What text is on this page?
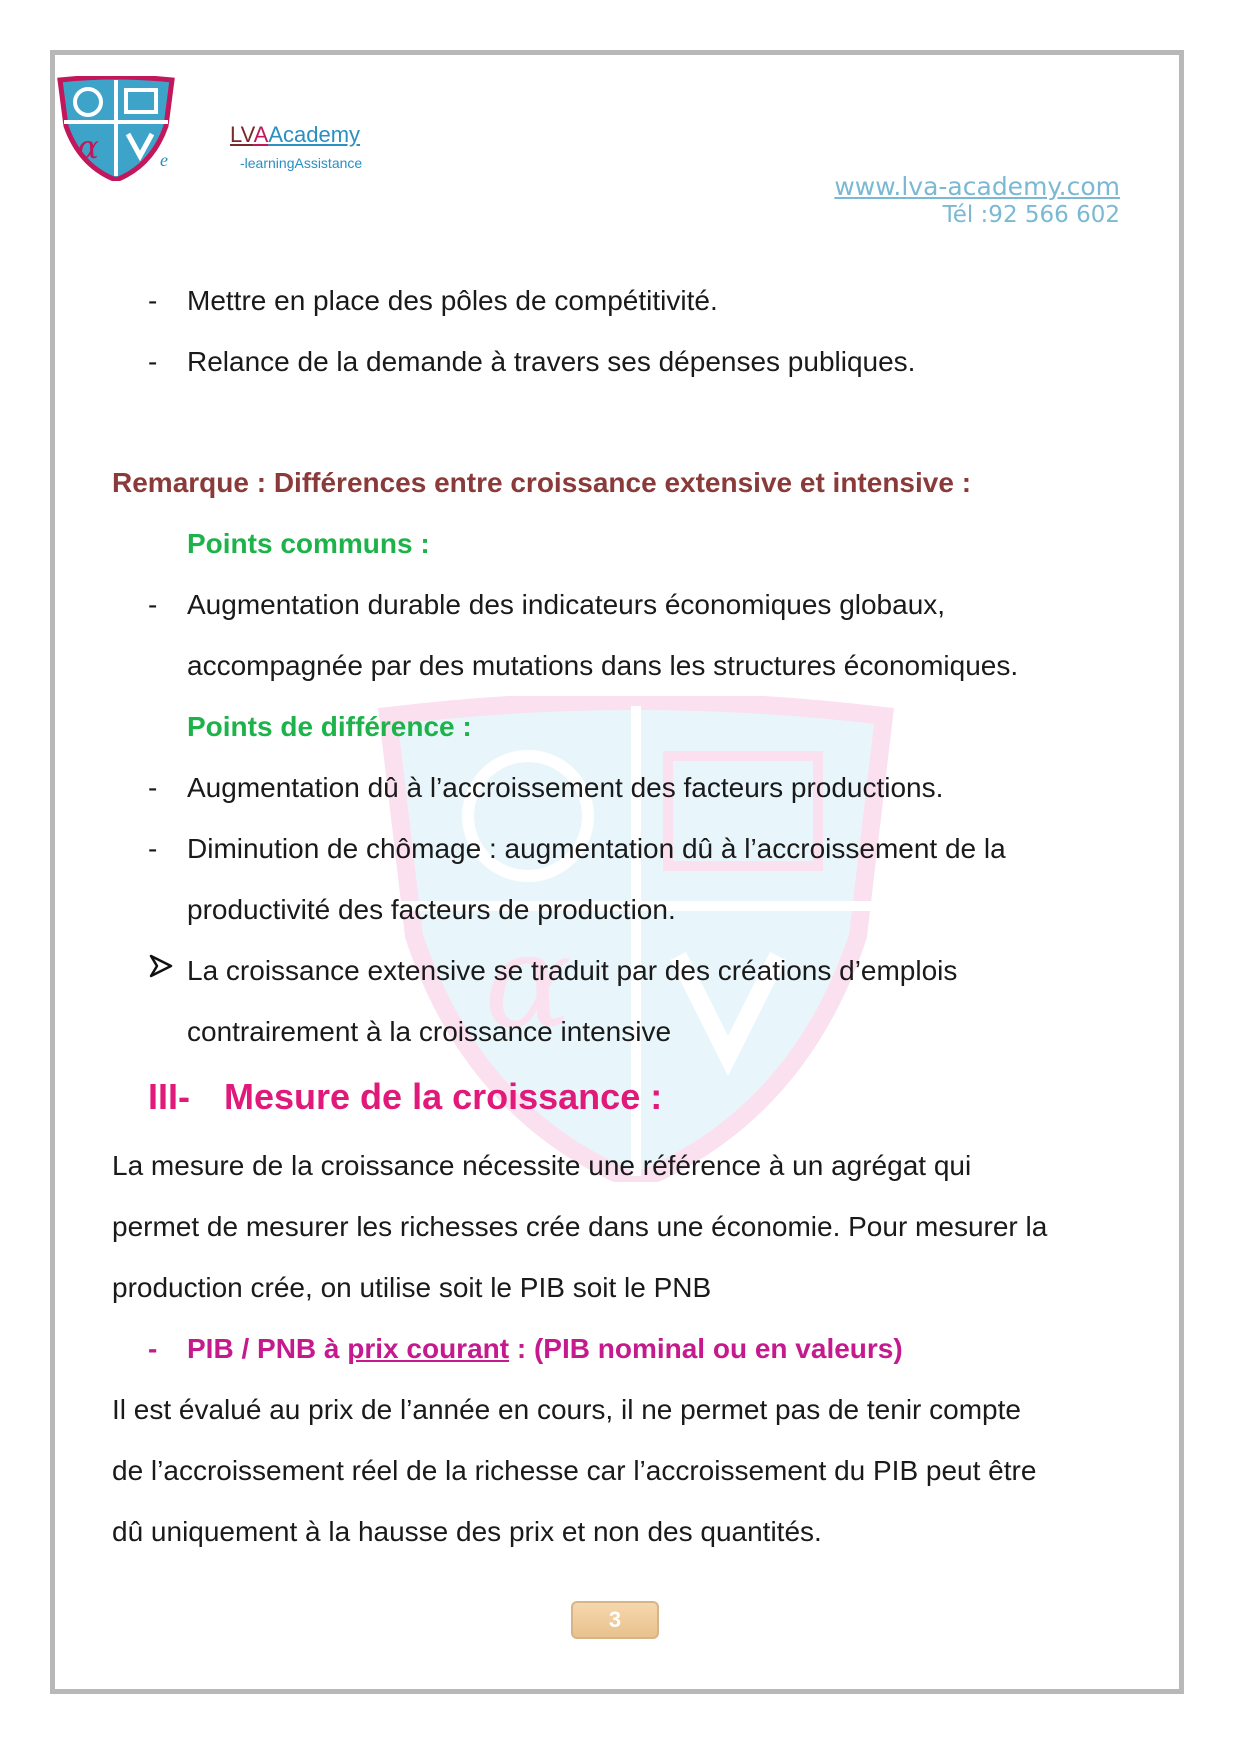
α
α	e
LVAAcademy
-learningAssistance
www.lva-academy.com
Tél :92 566 602
- Mettre en place des pôles de compétitivité.
- Relance de la demande à travers ses dépenses publiques.
Remarque : Différences entre croissance extensive et intensive :
Points communs :
- Augmentation durable des indicateurs économiques globaux,
accompagnée par des mutations dans les structures économiques.
Points de différence :
- Augmentation dû à l’accroissement des facteurs productions.
- Diminution de chômage : augmentation dû à l’accroissement de la
productivité des facteurs de production.
La croissance extensive se traduit par des créations d’emplois
contrairement à la croissance intensive
III- Mesure de la croissance :
La mesure de la croissance nécessite une référence à un agrégat qui
permet de mesurer les richesses crée dans une économie. Pour mesurer la
production crée, on utilise soit le PIB soit le PNB
- PIB / PNB à prix courant : (PIB nominal ou en valeurs)
Il est évalué au prix de l’année en cours, il ne permet pas de tenir compte
de l’accroissement réel de la richesse car l’accroissement du PIB peut être
dû uniquement à la hausse des prix et non des quantités.
3
